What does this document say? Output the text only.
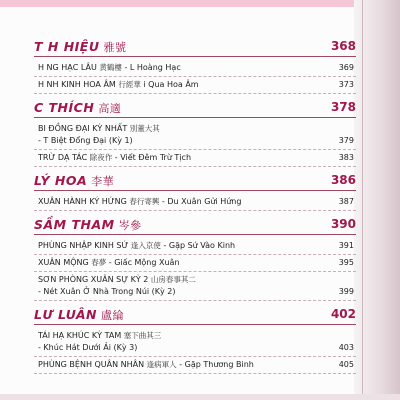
T H HIỆU 雅號	368
H NG HẠC LÂU 黄鶴樓 - L Hoàng Hạc	369
H NH KINH HOA ÂM 行經華 i Qua Hoa Âm	373
C THÍCH 高適	378
BI ĐỒNG ĐẠI KỲ NHẤT 別董大其
- T Biệt Đổng Đại (Kỳ 1)	379
TRỪ DẠ TÁC 除夜作 - Viết Đêm Trừ Tịch	383
LÝ HOA 李華	386
XUÂN HÀNH KÝ HỨNG 春行寄興 - Du Xuân Gửi Hứng	387
SẦM THAM 岑參	390
PHÙNG NHẬP KINH SỨ 逢入京使 - Gặp Sứ Vào Kinh	391
XUÂN MỘNG 春夢 - Giấc Mộng Xuân	395
SƠN PHÒNG XUÂN SỰ KỲ 2 山房春事其二
- Nét Xuân Ở Nhà Trong Núi (Kỳ 2)	399
LƯ LUÂN 盧綸	402
TÁI HẠ KHÚC KỲ TAM 塞下曲其三
- Khúc Hát Dưới Ải (Kỳ 3)	403
PHÙNG BỆNH QUÂN NHÂN 逢病軍人 - Gặp Thương Binh	405
